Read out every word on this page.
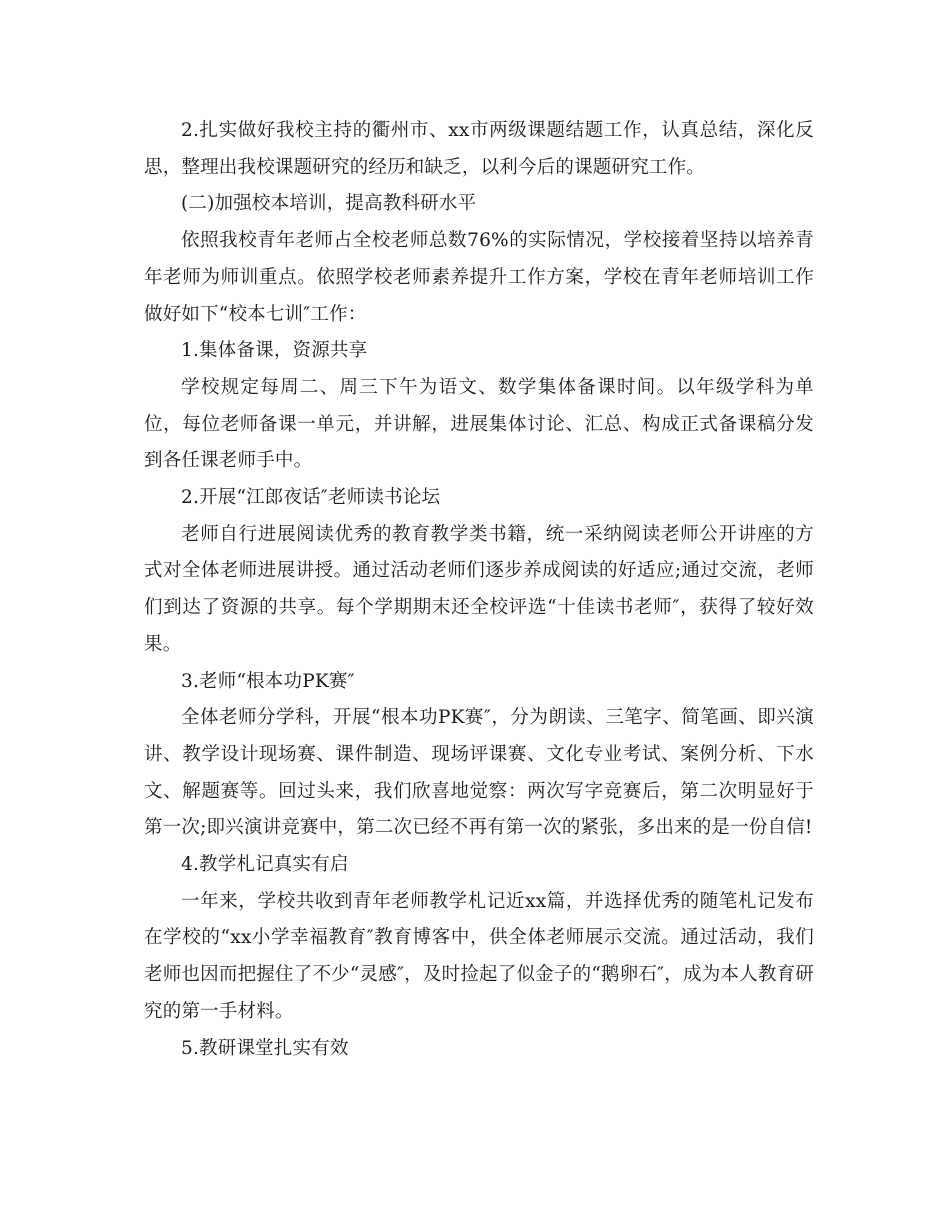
2.扎实做好我校主持的衢州市、xx市两级课题结题工作，认真总结，深化反思，整理出我校课题研究的经历和缺乏，以利今后的课题研究工作。

(二)加强校本培训，提高教科研水平

依照我校青年老师占全校老师总数76%的实际情况，学校接着坚持以培养青年老师为师训重点。依照学校老师素养提升工作方案，学校在青年老师培训工作做好如下“校本七训″工作：

1.集体备课，资源共享

学校规定每周二、周三下午为语文、数学集体备课时间。以年级学科为单位，每位老师备课一单元，并讲解，进展集体讨论、汇总、构成正式备课稿分发到各任课老师手中。

2.开展“江郎夜话″老师读书论坛

老师自行进展阅读优秀的教育教学类书籍，统一采纳阅读老师公开讲座的方式对全体老师进展讲授。通过活动老师们逐步养成阅读的好适应;通过交流，老师们到达了资源的共享。每个学期期末还全校评选“十佳读书老师″，获得了较好效果。

3.老师“根本功PK赛″

全体老师分学科，开展“根本功PK赛″，分为朗读、三笔字、简笔画、即兴演讲、教学设计现场赛、课件制造、现场评课赛、文化专业考试、案例分析、下水文、解题赛等。回过头来，我们欣喜地觉察：两次写字竞赛后，第二次明显好于第一次;即兴演讲竞赛中，第二次已经不再有第一次的紧张，多出来的是一份自信!

4.教学札记真实有启

一年来，学校共收到青年老师教学札记近xx篇，并选择优秀的随笔札记发布在学校的“xx小学幸福教育″教育博客中，供全体老师展示交流。通过活动，我们老师也因而把握住了不少“灵感″，及时捡起了似金子的“鹅卵石″，成为本人教育研究的第一手材料。

5.教研课堂扎实有效
